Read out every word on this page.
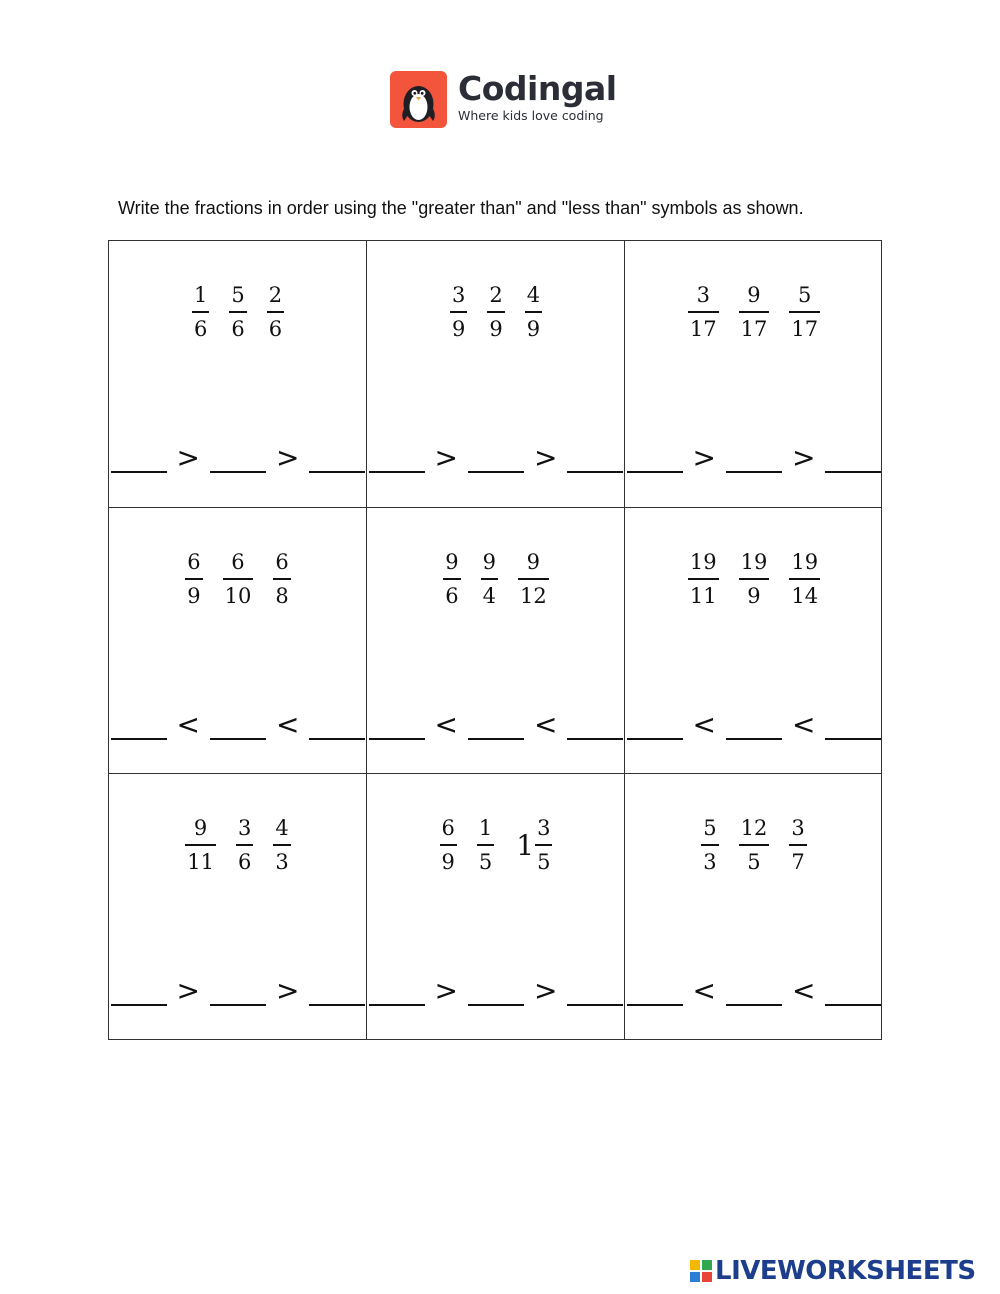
Codingal
Where kids love coding
Write the fractions in order using the "greater than" and "less than" symbols as shown.
$\frac{1}{6} \frac{5}{6} \frac{2}{6}$
>	>
$\frac{3}{9} \frac{2}{9} \frac{4}{9}$
>	>
$\frac{3}{17} \frac{9}{17} \frac{5}{17}$
>	>
$\frac{6}{9} \frac{6}{10} \frac{6}{8}$
<	<
$\frac{9}{6} \frac{9}{4} \frac{9}{12}$
<	<
$\frac{19}{11} \frac{19}{9} \frac{19}{14}$
<	<
$\frac{9}{11} \frac{3}{6} \frac{4}{3}$
>	>
$\frac{6}{9} \frac{1}{5} 1 \frac{3}{5}$
>	>
$\frac{5}{3} \frac{12}{5} \frac{3}{7}$
<	<
LIVEWORKSHEETS
